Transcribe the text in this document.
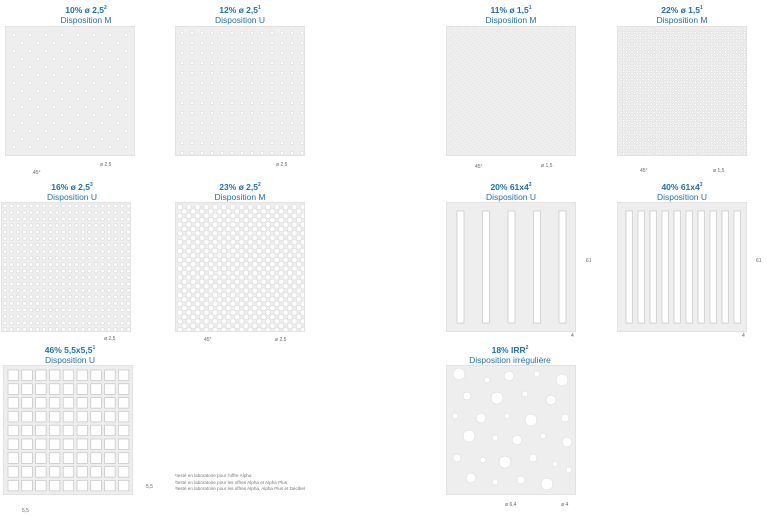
10% ø $2,5^2$
Disposition M
ø 2,5
45°
12% ø $2,5^1$
Disposition U
ø 2,5
11% ø $1,5^1$
Disposition M
ø 1,5
45°
22% ø $1,5^1$
Disposition M
ø 1,5
45°
16% ø $2,5^3$
Disposition U
ø 2,5
23% ø $2,5^2$
Disposition M
ø 2,5
45°
20% $61x4^3$
Disposition U
61
4
40% $61x4^3$
Disposition U
61
4
46% $5,5x5,5^1$
Disposition U
5,5
5,5
18% IRR$^2$
Disposition irrégulière
ø 6,4	ø 4
¹testé en laboratoire pour l'offre Alpha
²testé en laboratoire pour les offres Alpha et Alpha Plus
³testé en laboratoire pour les offres Alpha, Alpha Plus et Déclbel
